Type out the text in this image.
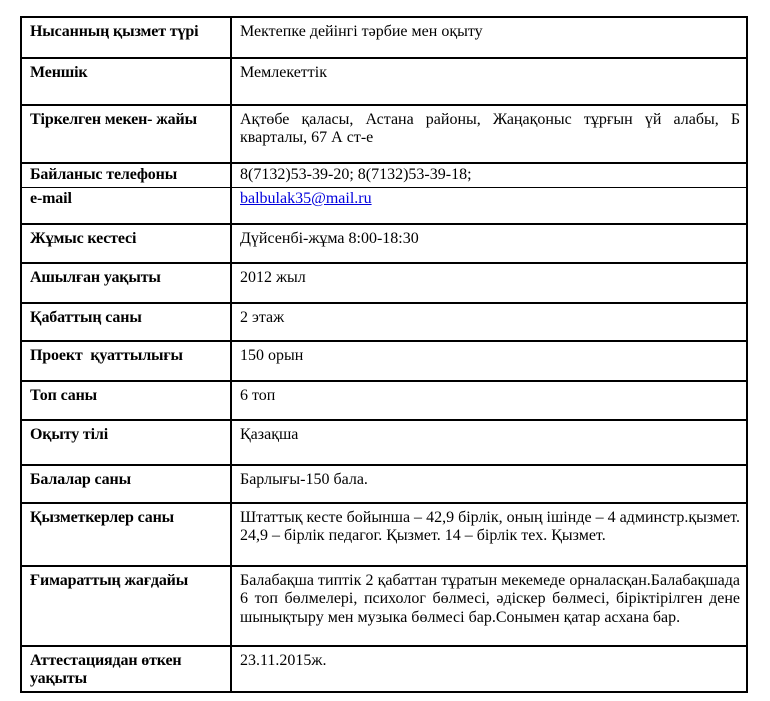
Нысанның қызмет түрі	Мектепке дейінгі тәрбие мен оқыту
Меншік	Мемлекеттік
Тіркелген мекен- жайы	Ақтөбе қаласы, Астана районы, Жаңақоныс тұрғын үй алабы, Б кварталы, 67 А ст-е
Байланыс телефоны	8(7132)53-39-20; 8(7132)53-39-18;
e-mail	balbulak35@mail.ru
Жұмыс кестесі	Дүйсенбі-жұма 8:00-18:30
Ашылған уақыты	2012 жыл
Қабаттың саны	2 этаж
Проект  қуаттылығы	150 орын
Топ саны	6 топ
Оқыту тілі	Қазақша
Балалар саны	Барлығы-150 бала.
Қызметкерлер саны	Штаттық кесте бойынша – 42,9 бірлік, оның ішінде – 4 админстр.қызмет. 24,9 – бірлік педагог. Қызмет. 14 – бірлік тех. Қызмет.
Ғимараттың жағдайы	Балабақша типтік 2 қабаттан тұратын мекемеде орналасқан.Балабақшада 6 топ бөлмелері, психолог бөлмесі, әдіскер бөлмесі, біріктірілген дене шынықтыру мен музыка бөлмесі бар.Сонымен қатар асхана бар.
Аттестациядан өткен уақыты	23.11.2015ж.
